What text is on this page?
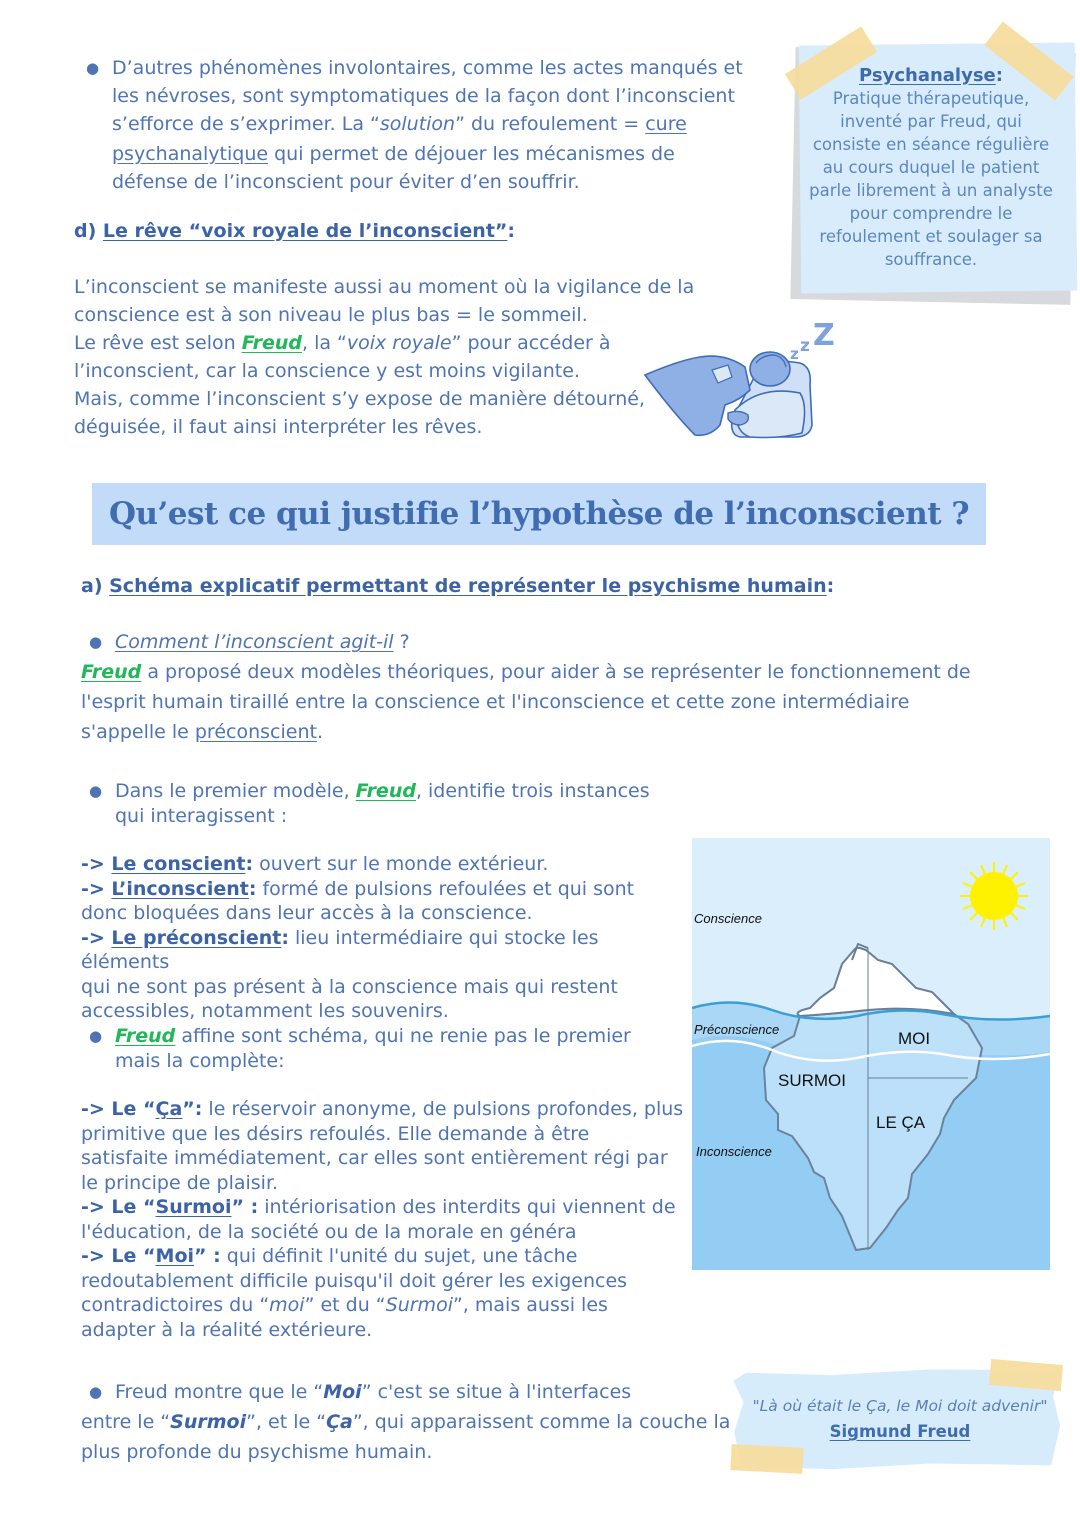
● D’autres phénomènes involontaires, comme les actes manqués et
les névroses, sont symptomatiques de la façon dont l’inconscient
s’efforce de s’exprimer. La “solution” du refoulement = cure
psychanalytique qui permet de déjouer les mécanismes de
défense de l’inconscient pour éviter d’en souffrir.
d) Le rêve “voix royale de l’inconscient”:
L’inconscient se manifeste aussi au moment où la vigilance de la
conscience est à son niveau le plus bas = le sommeil.
Le rêve est selon Freud, la “voix royale” pour accéder à
l’inconscient, car la conscience y est moins vigilante.
Mais, comme l’inconscient s’y expose de manière détourné,
déguisée, il faut ainsi interpréter les rêves.
z z Z
Psychanalyse:
Pratique thérapeutique,
inventé par Freud, qui
consiste en séance régulière
au cours duquel le patient
parle librement à un analyste
pour comprendre le
refoulement et soulager sa
souffrance.
Qu’est ce qui justifie l’hypothèse de l’inconscient ?
a) Schéma explicatif permettant de représenter le psychisme humain:
● Comment l’inconscient agit-il ?
Freud a proposé deux modèles théoriques, pour aider à se représenter le fonctionnement de
l'esprit humain tiraillé entre la conscience et l'inconscience et cette zone intermédiaire
s'appelle le préconscient.
● Dans le premier modèle, Freud, identifie trois instances
qui interagissent :
-> Le conscient: ouvert sur le monde extérieur.
-> L’inconscient: formé de pulsions refoulées et qui sont
donc bloquées dans leur accès à la conscience.
-> Le préconscient: lieu intermédiaire qui stocke les éléments
qui ne sont pas présent à la conscience mais qui restent
accessibles, notamment les souvenirs.
● Freud affine sont schéma, qui ne renie pas le premier
mais la complète:
-> Le “Ça”: le réservoir anonyme, de pulsions profondes, plus
primitive que les désirs refoulés. Elle demande à être
satisfaite immédiatement, car elles sont entièrement régi par
le principe de plaisir.
-> Le “Surmoi” : intériorisation des interdits qui viennent de
l'éducation, de la société ou de la morale en généra
-> Le “Moi” : qui définit l'unité du sujet, une tâche
redoutablement difficile puisqu'il doit gérer les exigences
contradictoires du “moi” et du “Surmoi”, mais aussi les
adapter à la réalité extérieure.
Conscience
Préconscience
Inconscience
MOI
SURMOI
LE ÇA
● Freud montre que le “Moi” c'est se situe à l'interfaces
entre le “Surmoi”, et le “Ça”, qui apparaissent comme la couche la
plus profonde du psychisme humain.
"Là où était le Ça, le Moi doit advenir"
Sigmund Freud
